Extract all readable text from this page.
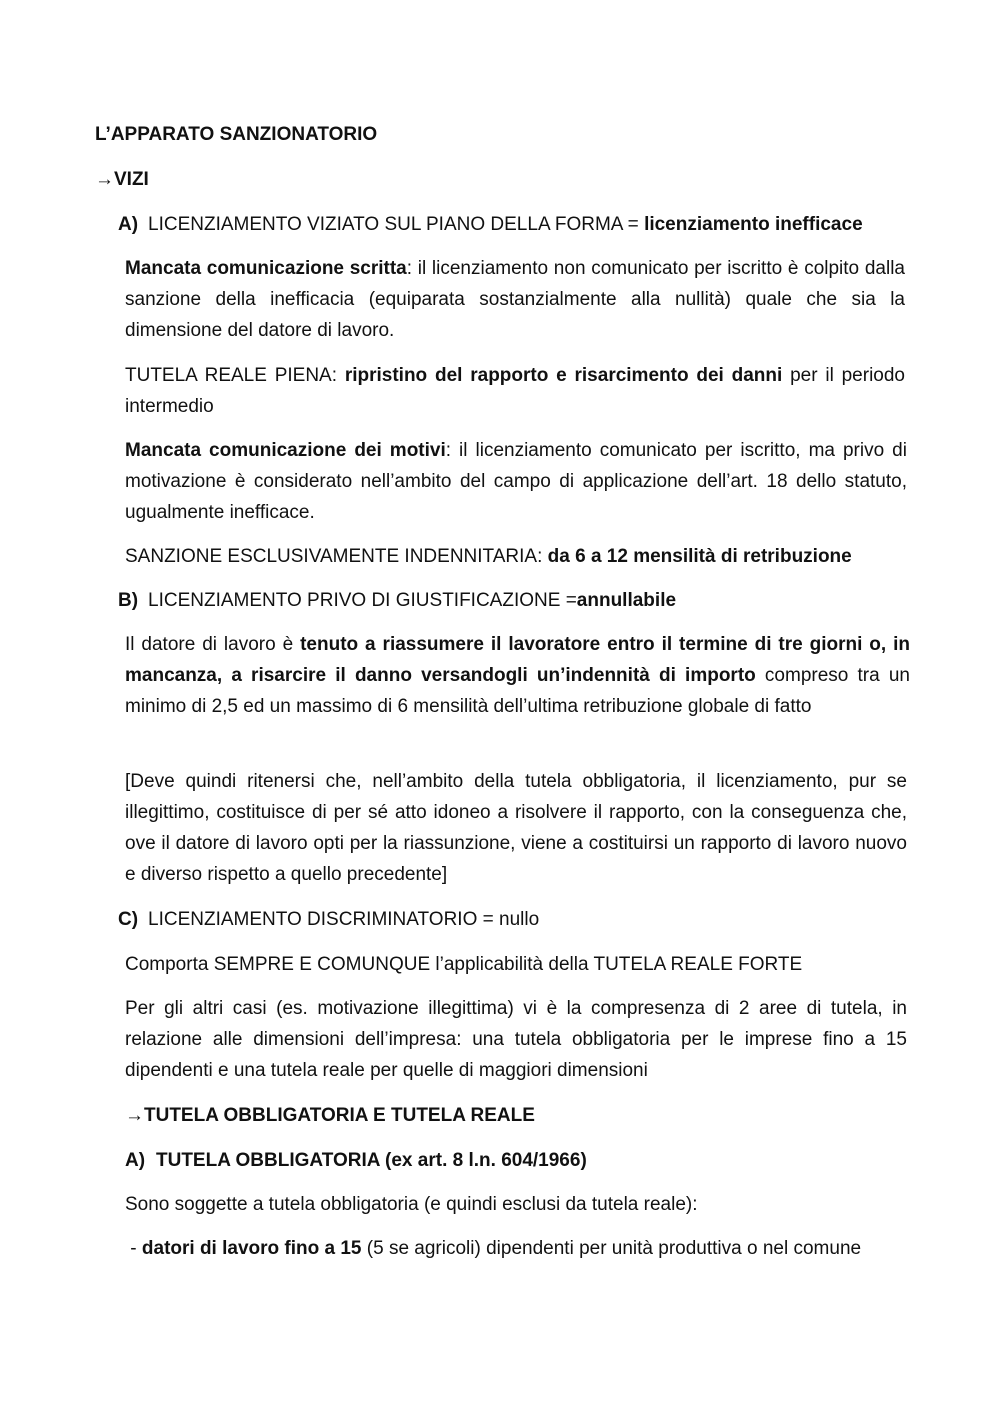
L’APPARATO SANZIONATORIO

→VIZI

A) LICENZIAMENTO VIZIATO SUL PIANO DELLA FORMA = licenziamento inefficace

Mancata comunicazione scritta: il licenziamento non comunicato per iscritto è colpito dalla sanzione della inefficacia (equiparata sostanzialmente alla nullità) quale che sia la dimensione del datore di lavoro.

TUTELA REALE PIENA: ripristino del rapporto e risarcimento dei danni per il periodo intermedio

Mancata comunicazione dei motivi: il licenziamento comunicato per iscritto, ma privo di motivazione è considerato nell’ambito del campo di applicazione dell’art. 18 dello statuto, ugualmente inefficace.

SANZIONE ESCLUSIVAMENTE INDENNITARIA: da 6 a 12 mensilità di retribuzione

B) LICENZIAMENTO PRIVO DI GIUSTIFICAZIONE =annullabile

Il datore di lavoro è tenuto a riassumere il lavoratore entro il termine di tre giorni o, in mancanza, a risarcire il danno versandogli un’indennità di importo compreso tra un minimo di 2,5 ed un massimo di 6 mensilità dell’ultima retribuzione globale di fatto

[Deve quindi ritenersi che, nell’ambito della tutela obbligatoria, il licenziamento, pur se illegittimo, costituisce di per sé atto idoneo a risolvere il rapporto, con la conseguenza che, ove il datore di lavoro opti per la riassunzione, viene a costituirsi un rapporto di lavoro nuovo e diverso rispetto a quello precedente]

C) LICENZIAMENTO DISCRIMINATORIO = nullo

Comporta SEMPRE E COMUNQUE l’applicabilità della TUTELA REALE FORTE

Per gli altri casi (es. motivazione illegittima) vi è la compresenza di 2 aree di tutela, in relazione alle dimensioni dell’impresa: una tutela obbligatoria per le imprese fino a 15 dipendenti e una tutela reale per quelle di maggiori dimensioni

→TUTELA OBBLIGATORIA E TUTELA REALE

A) TUTELA OBBLIGATORIA (ex art. 8 l.n. 604/1966)

Sono soggette a tutela obbligatoria (e quindi esclusi da tutela reale):

- datori di lavoro fino a 15 (5 se agricoli) dipendenti per unità produttiva o nel comune
